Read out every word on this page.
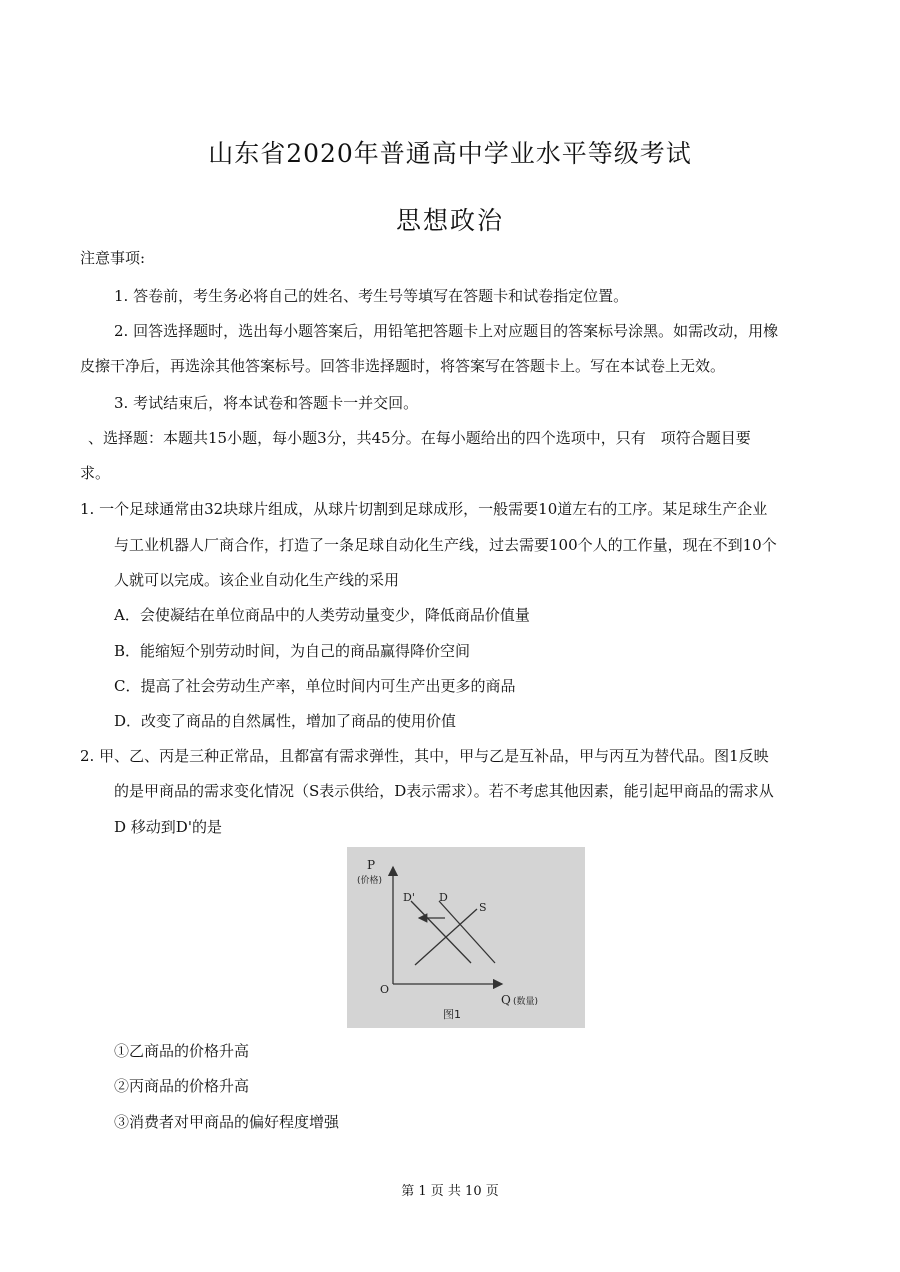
山东省2020年普通高中学业水平等级考试
思想政治
注意事项:
1. 答卷前，考生务必将自己的姓名、考生号等填写在答题卡和试卷指定位置。
2. 回答选择题时，选出每小题答案后，用铅笔把答题卡上对应题目的答案标号涂黑。如需改动，用橡
皮擦干净后，再选涂其他答案标号。回答非选择题时，将答案写在答题卡上。写在本试卷上无效。
3. 考试结束后，将本试卷和答题卡一并交回。
、选择题：本题共15小题，每小题3分，共45分。在每小题给出的四个选项中，只有　项符合题目要
求。
1. 一个足球通常由32块球片组成，从球片切割到足球成形，一般需要10道左右的工序。某足球生产企业
与工业机器人厂商合作，打造了一条足球自动化生产线，过去需要100个人的工作量，现在不到10个
人就可以完成。该企业自动化生产线的采用
A．会使凝结在单位商品中的人类劳动量变少，降低商品价值量
B．能缩短个别劳动时间，为自己的商品赢得降价空间
C．提高了社会劳动生产率，单位时间内可生产出更多的商品
D．改变了商品的自然属性，增加了商品的使用价值
2. 甲、乙、丙是三种正常品，且都富有需求弹性，其中，甲与乙是互补品，甲与丙互为替代品。图1反映
的是甲商品的需求变化情况（S表示供给，D表示需求）。若不考虑其他因素，能引起甲商品的需求从
D 移动到D'的是
P
(价格)
D' D
S
O
Q (数量)
图1
①乙商品的价格升高
②丙商品的价格升高
③消费者对甲商品的偏好程度增强
第 1 页 共 10 页
